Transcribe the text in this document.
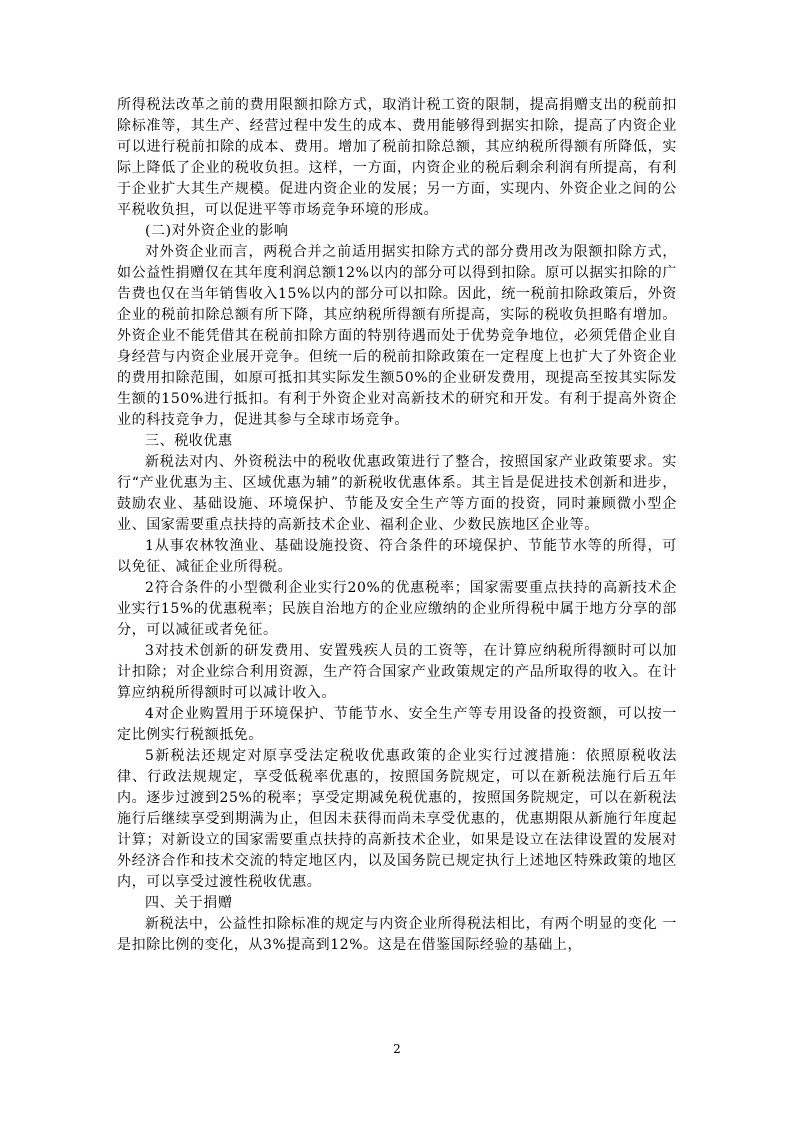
所得税法改革之前的费用限额扣除方式，取消计税工资的限制，提高捐赠支出的税前扣除标准等，其生产、经营过程中发生的成本、费用能够得到据实扣除，提高了内资企业可以进行税前扣除的成本、费用。增加了税前扣除总额，其应纳税所得额有所降低，实际上降低了企业的税收负担。这样，一方面，内资企业的税后剩余利润有所提高，有利于企业扩大其生产规模。促进内资企业的发展；另一方面，实现内、外资企业之间的公平税收负担，可以促进平等市场竞争环境的形成。

(二)对外资企业的影响

对外资企业而言，两税合并之前适用据实扣除方式的部分费用改为限额扣除方式，如公益性捐赠仅在其年度利润总额12%以内的部分可以得到扣除。原可以据实扣除的广告费也仅在当年销售收入15%以内的部分可以扣除。因此，统一税前扣除政策后，外资企业的税前扣除总额有所下降，其应纳税所得额有所提高，实际的税收负担略有增加。外资企业不能凭借其在税前扣除方面的特别待遇而处于优势竞争地位，必须凭借企业自身经营与内资企业展开竞争。但统一后的税前扣除政策在一定程度上也扩大了外资企业的费用扣除范围，如原可抵扣其实际发生额50%的企业研发费用，现提高至按其实际发生额的150%进行抵扣。有利于外资企业对高新技术的研究和开发。有利于提高外资企业的科技竞争力，促进其参与全球市场竞争。

三、税收优惠

新税法对内、外资税法中的税收优惠政策进行了整合，按照国家产业政策要求。实行“产业优惠为主、区域优惠为辅”的新税收优惠体系。其主旨是促进技术创新和进步，鼓励农业、基础设施、环境保护、节能及安全生产等方面的投资，同时兼顾微小型企业、国家需要重点扶持的高新技术企业、福利企业、少数民族地区企业等。

1从事农林牧渔业、基础设施投资、符合条件的环境保护、节能节水等的所得，可以免征、减征企业所得税。

2符合条件的小型微利企业实行20%的优惠税率；国家需要重点扶持的高新技术企业实行15%的优惠税率；民族自治地方的企业应缴纳的企业所得税中属于地方分享的部分，可以减征或者免征。

3对技术创新的研发费用、安置残疾人员的工资等，在计算应纳税所得额时可以加计扣除；对企业综合利用资源，生产符合国家产业政策规定的产品所取得的收入。在计算应纳税所得额时可以减计收入。

4对企业购置用于环境保护、节能节水、安全生产等专用设备的投资额，可以按一定比例实行税额抵免。

5新税法还规定对原享受法定税收优惠政策的企业实行过渡措施：依照原税收法律、行政法规规定，享受低税率优惠的，按照国务院规定，可以在新税法施行后五年内。逐步过渡到25%的税率；享受定期减免税优惠的，按照国务院规定，可以在新税法施行后继续享受到期满为止，但因未获得而尚未享受优惠的，优惠期限从新施行年度起计算；对新设立的国家需要重点扶持的高新技术企业，如果是设立在法律设置的发展对外经济合作和技术交流的特定地区内，以及国务院已规定执行上述地区特殊政策的地区内，可以享受过渡性税收优惠。

四、关于捐赠

新税法中，公益性扣除标准的规定与内资企业所得税法相比，有两个明显的变化 一是扣除比例的变化，从3%提高到12%。这是在借鉴国际经验的基础上，

2
